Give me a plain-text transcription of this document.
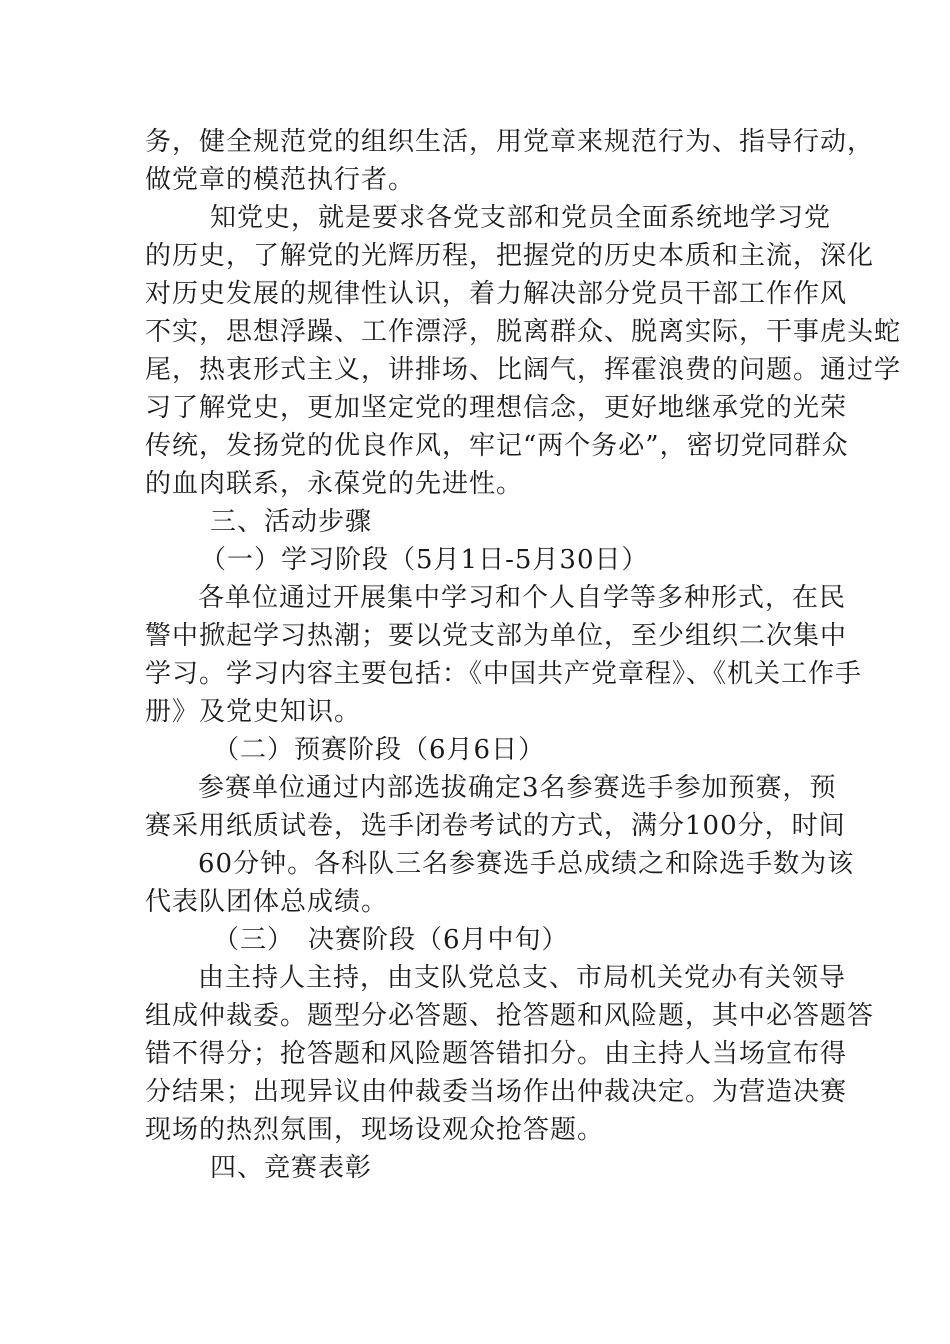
务，健全规范党的组织生活，用党章来规范行为、指导行动，
做党章的模范执行者。
知党史，就是要求各党支部和党员全面系统地学习党
的历史，了解党的光辉历程，把握党的历史本质和主流，深化
对历史发展的规律性认识，着力解决部分党员干部工作作风
不实，思想浮躁、工作漂浮，脱离群众、脱离实际，干事虎头蛇
尾，热衷形式主义，讲排场、比阔气，挥霍浪费的问题。通过学
习了解党史，更加坚定党的理想信念，更好地继承党的光荣
传统，发扬党的优良作风，牢记“两个务必”，密切党同群众
的血肉联系，永葆党的先进性。
三、活动步骤
（一）学习阶段（5月1日-5月30日）
各单位通过开展集中学习和个人自学等多种形式，在民
警中掀起学习热潮；要以党支部为单位，至少组织二次集中
学习。学习内容主要包括：《中国共产党章程》、《机关工作手
册》及党史知识。
（二）预赛阶段（6月6日）
参赛单位通过内部选拔确定3名参赛选手参加预赛，预
赛采用纸质试卷，选手闭卷考试的方式，满分100分，时间
60分钟。各科队三名参赛选手总成绩之和除选手数为该
代表队团体总成绩。
（三）　决赛阶段（6月中旬）
由主持人主持，由支队党总支、市局机关党办有关领导
组成仲裁委。题型分必答题、抢答题和风险题，其中必答题答
错不得分；抢答题和风险题答错扣分。由主持人当场宣布得
分结果；出现异议由仲裁委当场作出仲裁决定。为营造决赛
现场的热烈氛围，现场设观众抢答题。
四、竞赛表彰
